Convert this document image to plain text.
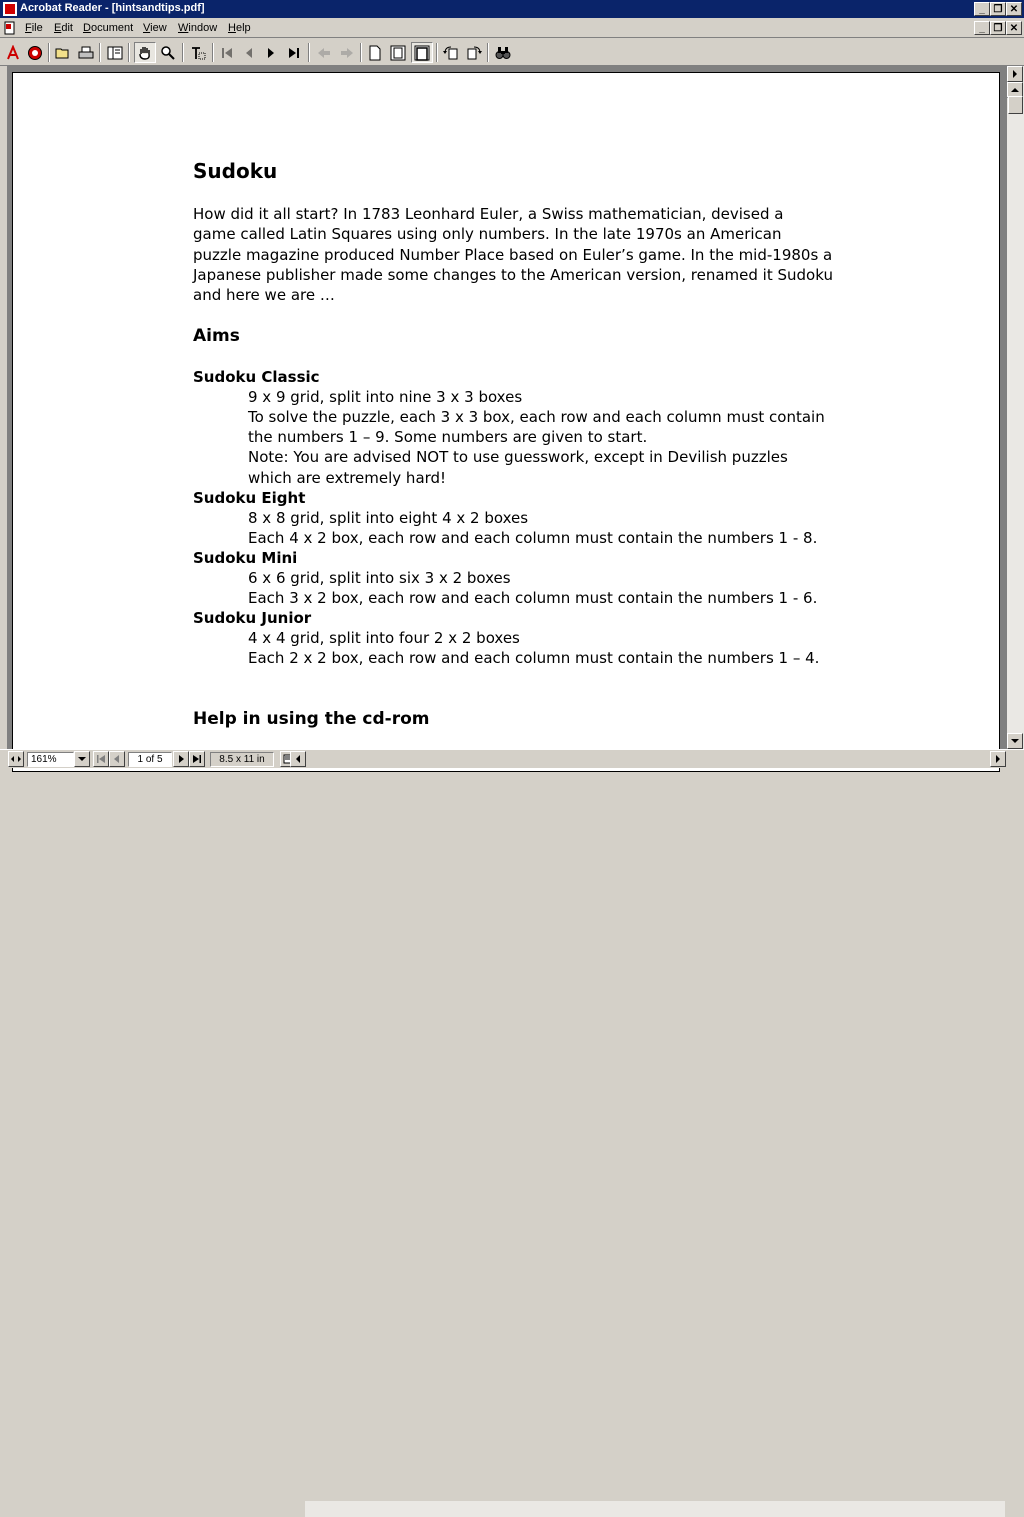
Acrobat Reader - [hintsandtips.pdf]	_ ❐ ✕
File Edit Document View Window Help	_ ❐ ✕
Sudoku

How did it all start? In 1783 Leonhard Euler, a Swiss mathematician, devised a

game called Latin Squares using only numbers. In the late 1970s an American

puzzle magazine produced Number Place based on Euler’s game. In the mid-1980s a

Japanese publisher made some changes to the American version, renamed it Sudoku

and here we are …

Aims

Sudoku Classic

9 x 9 grid, split into nine 3 x 3 boxes

To solve the puzzle, each 3 x 3 box, each row and each column must contain

the numbers 1 – 9. Some numbers are given to start.

Note: You are advised NOT to use guesswork, except in Devilish puzzles

which are extremely hard!

Sudoku Eight

8 x 8 grid, split into eight 4 x 2 boxes

Each 4 x 2 box, each row and each column must contain the numbers 1 - 8.

Sudoku Mini

6 x 6 grid, split into six 3 x 2 boxes

Each 3 x 2 box, each row and each column must contain the numbers 1 - 6.

Sudoku Junior

4 x 4 grid, split into four 2 x 2 boxes

Each 2 x 2 box, each row and each column must contain the numbers 1 – 4.

Help in using the cd-rom
161%	1 of 5	8.5 x 11 in
